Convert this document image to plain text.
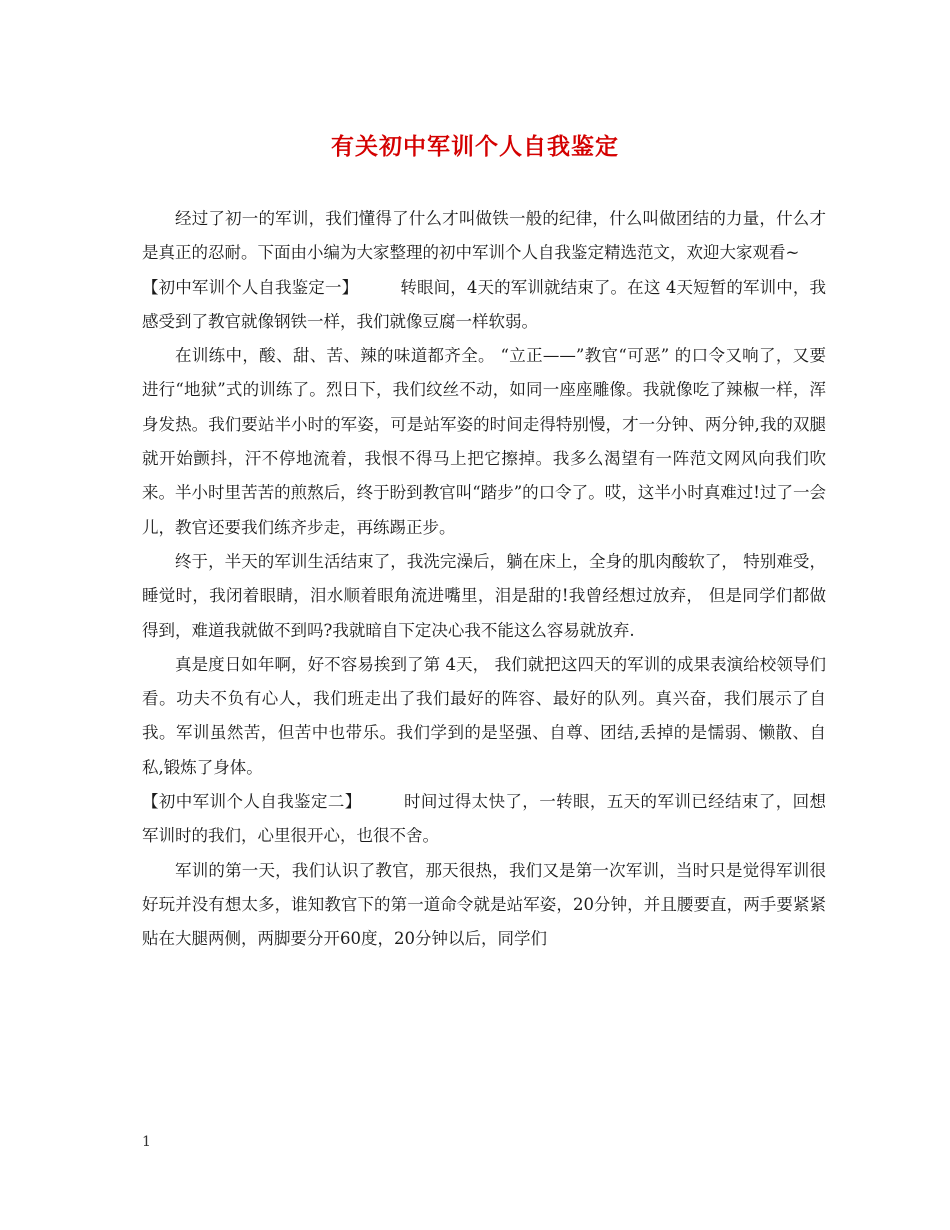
有关初中军训个人自我鉴定

经过了初一的军训，我们懂得了什么才叫做铁一般的纪律，什么叫做团结的力量，什么才是真正的忍耐。下面由小编为大家整理的初中军训个人自我鉴定精选范文，欢迎大家观看~

【初中军训个人自我鉴定一】	转眼间，4天的军训就结束了。在这 4天短暂的军训中，我感受到了教官就像钢铁一样，我们就像豆腐一样软弱。

在训练中，酸、甜、苦、辣的味道都齐全。 “立正——”教官“可恶” 的口令又响了，又要进行“地狱”式的训练了。烈日下，我们纹丝不动，如同一座座雕像。我就像吃了辣椒一样，浑身发热。我们要站半小时的军姿，可是站军姿的时间走得特别慢，才一分钟、两分钟,我的双腿就开始颤抖，汗不停地流着，我恨不得马上把它擦掉。我多么渴望有一阵范文网风向我们吹来。半小时里苦苦的煎熬后，终于盼到教官叫“踏步”的口令了。哎，这半小时真难过!过了一会儿，教官还要我们练齐步走，再练踢正步。

终于，半天的军训生活结束了，我洗完澡后，躺在床上，全身的肌肉酸软了， 特别难受，睡觉时，我闭着眼睛，泪水顺着眼角流进嘴里，泪是甜的!我曾经想过放弃， 但是同学们都做得到，难道我就做不到吗?我就暗自下定决心我不能这么容易就放弃.

真是度日如年啊，好不容易挨到了第 4天， 我们就把这四天的军训的成果表演给校领导们看。功夫不负有心人，我们班走出了我们最好的阵容、最好的队列。真兴奋，我们展示了自我。军训虽然苦，但苦中也带乐。我们学到的是坚强、自尊、团结,丢掉的是懦弱、懒散、自私,锻炼了身体。

【初中军训个人自我鉴定二】	时间过得太快了，一转眼，五天的军训已经结束了，回想军训时的我们，心里很开心，也很不舍。

军训的第一天，我们认识了教官，那天很热，我们又是第一次军训，当时只是觉得军训很好玩并没有想太多，谁知教官下的第一道命令就是站军姿，20分钟，并且腰要直，两手要紧紧贴在大腿两侧，两脚要分开60度，20分钟以后，同学们

1
